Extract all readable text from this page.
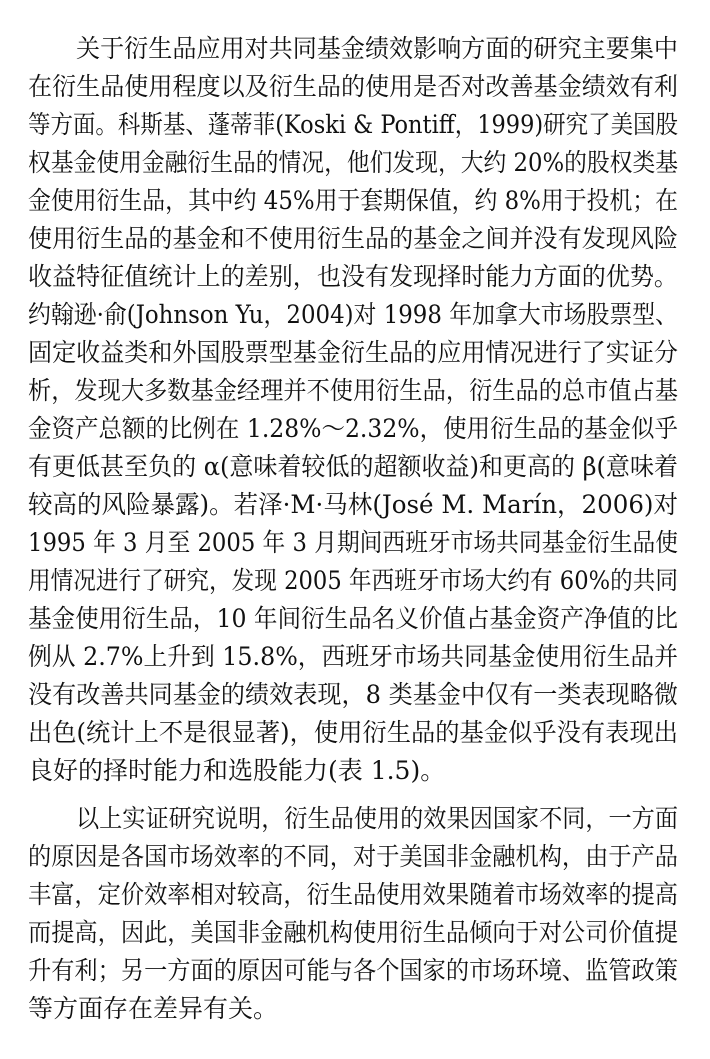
关于衍生品应用对共同基金绩效影响方面的研究主要集中
在衍生品使用程度以及衍生品的使用是否对改善基金绩效有利
等方面。科斯基、蓬蒂菲(Koski & Pontiff，1999)研究了美国股
权基金使用金融衍生品的情况，他们发现，大约 20%的股权类基
金使用衍生品，其中约 45%用于套期保值，约 8%用于投机；在
使用衍生品的基金和不使用衍生品的基金之间并没有发现风险
收益特征值统计上的差别，也没有发现择时能力方面的优势。
约翰逊·俞(Johnson Yu，2004)对 1998 年加拿大市场股票型、
固定收益类和外国股票型基金衍生品的应用情况进行了实证分
析，发现大多数基金经理并不使用衍生品，衍生品的总市值占基
金资产总额的比例在 1.28%～2.32%，使用衍生品的基金似乎
有更低甚至负的 α(意味着较低的超额收益)和更高的 β(意味着
较高的风险暴露)。若泽·M·马林(José M. Marín，2006)对
1995 年 3 月至 2005 年 3 月期间西班牙市场共同基金衍生品使
用情况进行了研究，发现 2005 年西班牙市场大约有 60%的共同
基金使用衍生品，10 年间衍生品名义价值占基金资产净值的比
例从 2.7%上升到 15.8%，西班牙市场共同基金使用衍生品并
没有改善共同基金的绩效表现，8 类基金中仅有一类表现略微
出色(统计上不是很显著)，使用衍生品的基金似乎没有表现出
良好的择时能力和选股能力(表 1.5)。
以上实证研究说明，衍生品使用的效果因国家不同，一方面
的原因是各国市场效率的不同，对于美国非金融机构，由于产品
丰富，定价效率相对较高，衍生品使用效果随着市场效率的提高
而提高，因此，美国非金融机构使用衍生品倾向于对公司价值提
升有利；另一方面的原因可能与各个国家的市场环境、监管政策
等方面存在差异有关。
